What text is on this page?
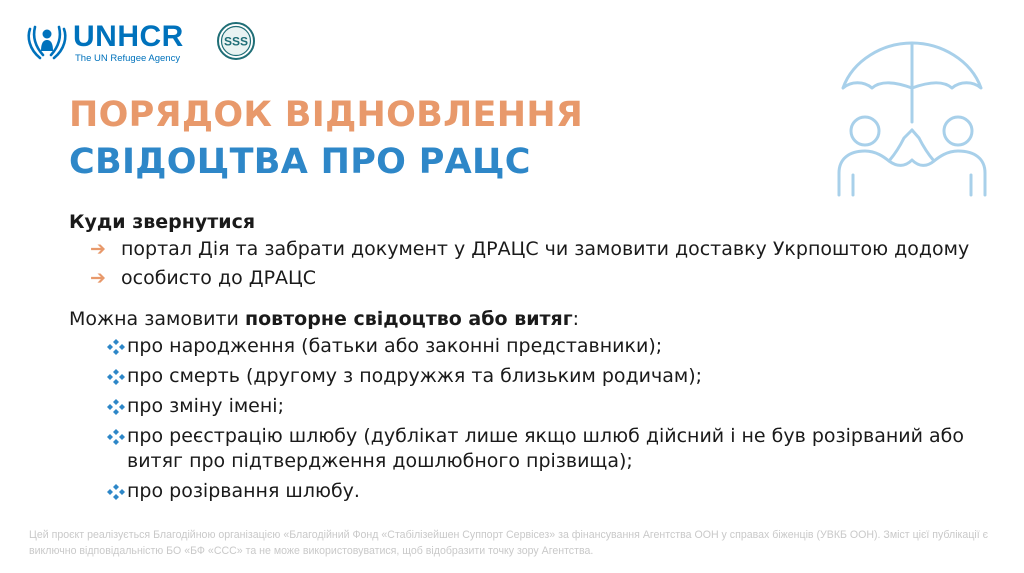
UNHCR
The UN Refugee Agency
SSS
ПОРЯДОК ВІДНОВЛЕННЯ
СВІДОЦТВА ПРО РАЦС

Куди звернутися

➔ портал Дія та забрати документ у ДРАЦС чи замовити доставку Укрпоштою додому
➔ особисто до ДРАЦС

Можна замовити повторне свідоцтво або витяг:

про народження (батьки або законні представники);
про смерть (другому з подружжя та близьким родичам);
про зміну імені;
про реєстрацію шлюбу (дублікат лише якщо шлюб дійсний і не був розірваний або витяг про підтвердження дошлюбного прізвища);
про розірвання шлюбу.
Цей проєкт реалізується Благодійною організацією «Благодійний Фонд «Стабілізейшен Суппорт Сервісез» за фінансування Агентства ООН у справах біженців (УВКБ ООН). Зміст цієї публікації є виключно відповідальністю БО «БФ «ССС» та не може використовуватися, щоб відобразити точку зору Агентства.
